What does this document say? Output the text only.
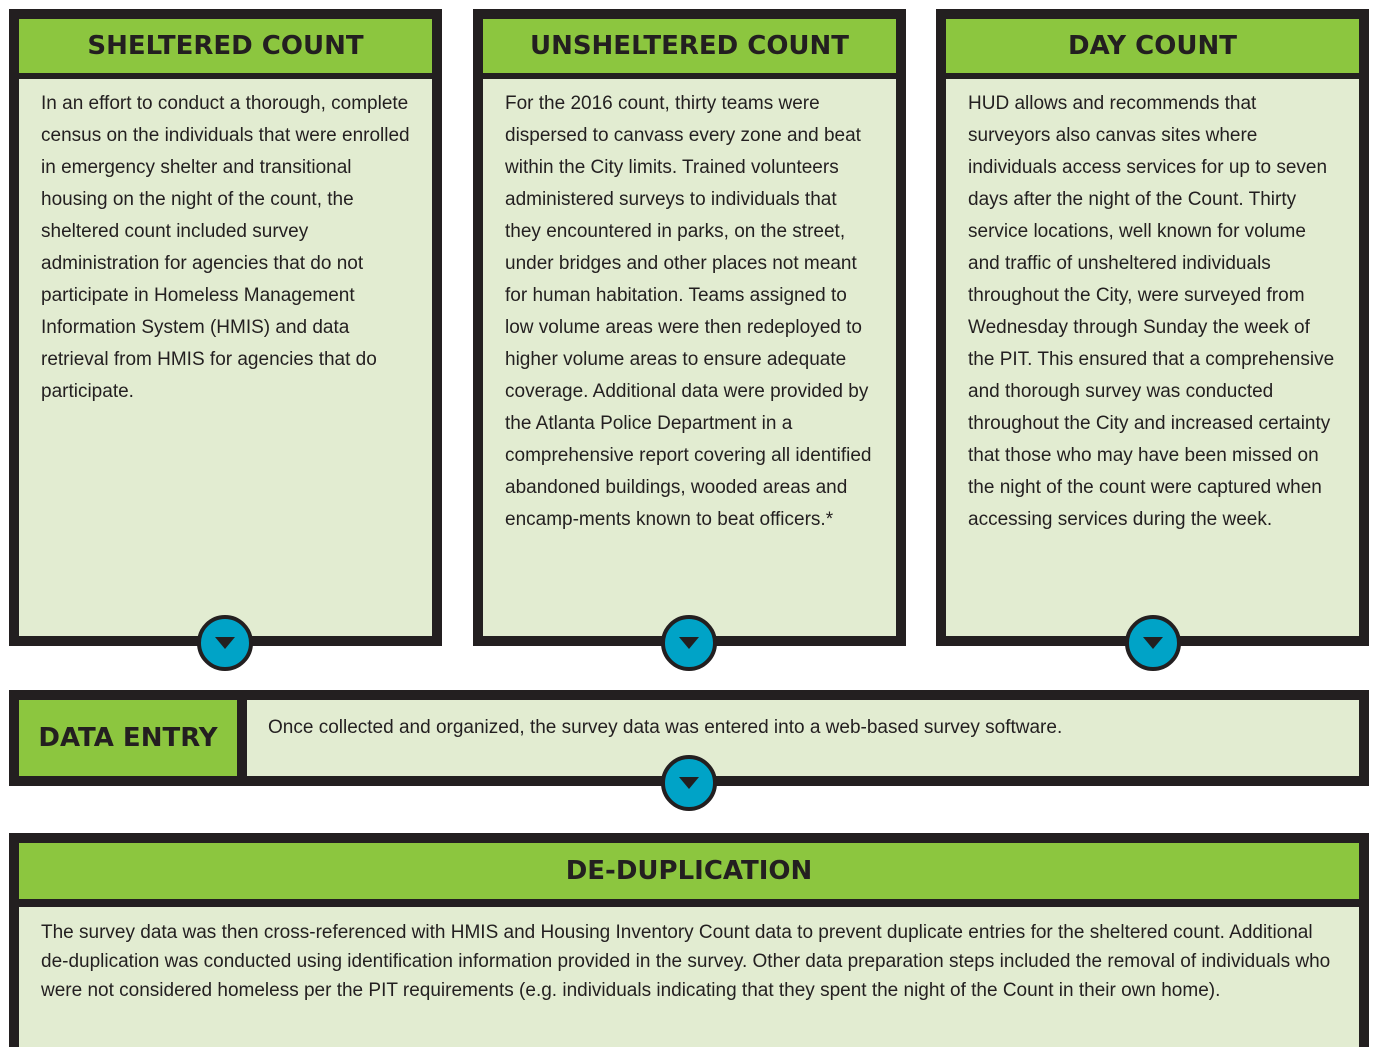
SHELTERED COUNT
In an effort to conduct a thorough, complete census on the individuals that were enrolled in emergency shelter and transitional housing on the night of the count, the sheltered count included survey administration for agencies that do not participate in Homeless Management Information System (HMIS) and data retrieval from HMIS for agencies that do participate.
UNSHELTERED COUNT
For the 2016 count, thirty teams were dispersed to canvass every zone and beat within the City limits. Trained volunteers administered surveys to individuals that they encountered in parks, on the street, under bridges and other places not meant for human habitation. Teams assigned to low volume areas were then redeployed to higher volume areas to ensure adequate coverage. Additional data were provided by the Atlanta Police Department in a comprehensive report covering all identified abandoned buildings, wooded areas and encamp-ments known to beat officers.*
DAY COUNT
HUD allows and recommends that surveyors also canvas sites where individuals access services for up to seven days after the night of the Count. Thirty service locations, well known for volume and traffic of unsheltered individuals throughout the City, were surveyed from Wednesday through Sunday the week of the PIT. This ensured that a comprehensive and thorough survey was conducted throughout the City and increased certainty that those who may have been missed on the night of the count were captured when accessing services during the week.
DATA ENTRY	Once collected and organized, the survey data was entered into a web-based survey software.
DE-DUPLICATION
The survey data was then cross-referenced with HMIS and Housing Inventory Count data to prevent duplicate entries for the sheltered count. Additional de-duplication was conducted using identification information provided in the survey. Other data preparation steps included the removal of individuals who were not considered homeless per the PIT requirements (e.g. individuals indicating that they spent the night of the Count in their own home).
